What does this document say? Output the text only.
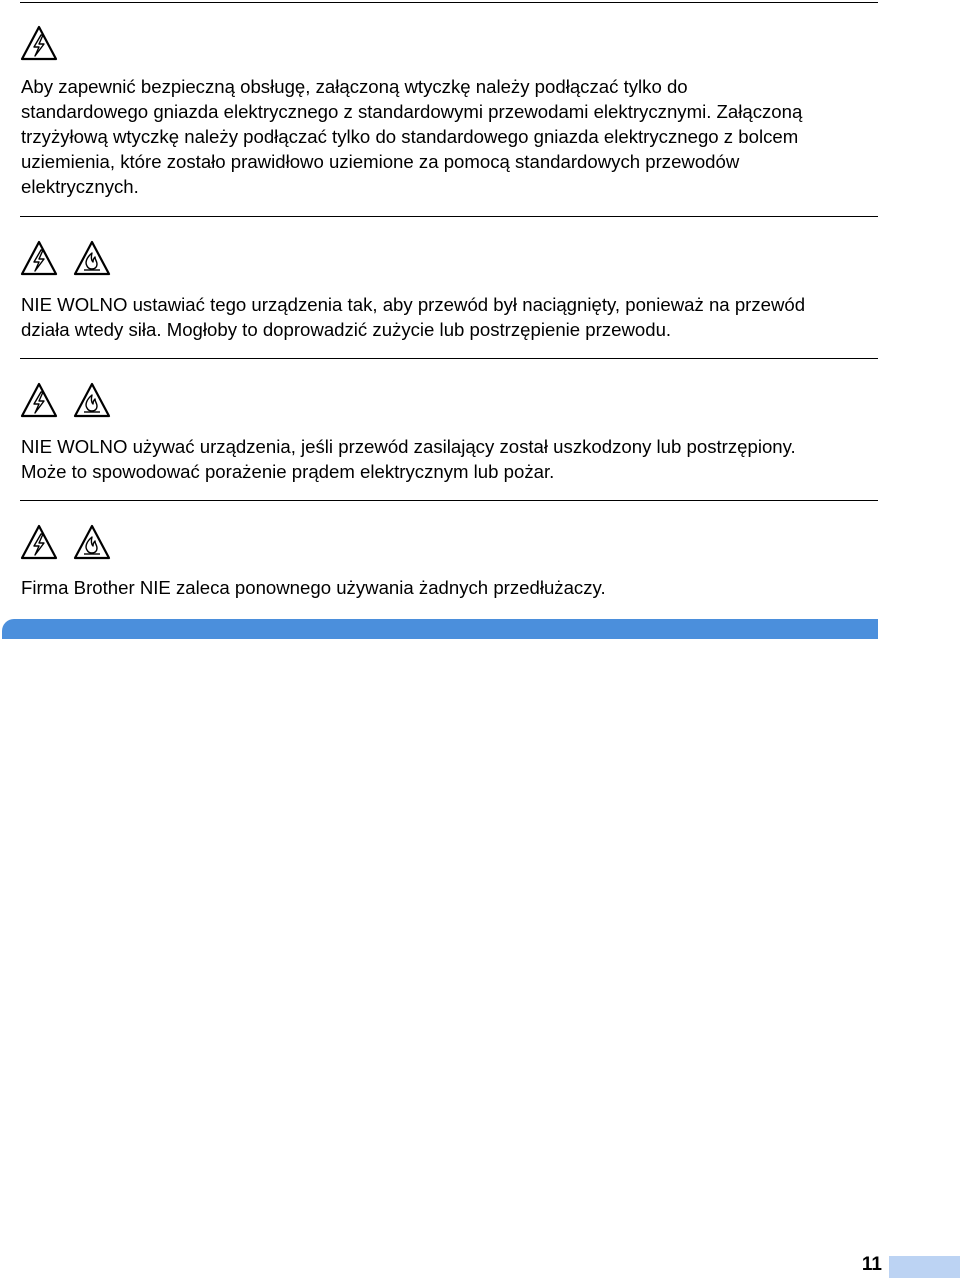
Aby zapewnić bezpieczną obsługę, załączoną wtyczkę należy podłączać tylko do
standardowego gniazda elektrycznego z standardowymi przewodami elektrycznymi. Załączoną
trzyżyłową wtyczkę należy podłączać tylko do standardowego gniazda elektrycznego z bolcem
uziemienia, które zostało prawidłowo uziemione za pomocą standardowych przewodów
elektrycznych.

NIE WOLNO ustawiać tego urządzenia tak, aby przewód był naciągnięty, ponieważ na przewód
działa wtedy siła. Mogłoby to doprowadzić zużycie lub postrzępienie przewodu.

NIE WOLNO używać urządzenia, jeśli przewód zasilający został uszkodzony lub postrzępiony.
Może to spowodować porażenie prądem elektrycznym lub pożar.

Firma Brother NIE zaleca ponownego używania żadnych przedłużaczy.

11
